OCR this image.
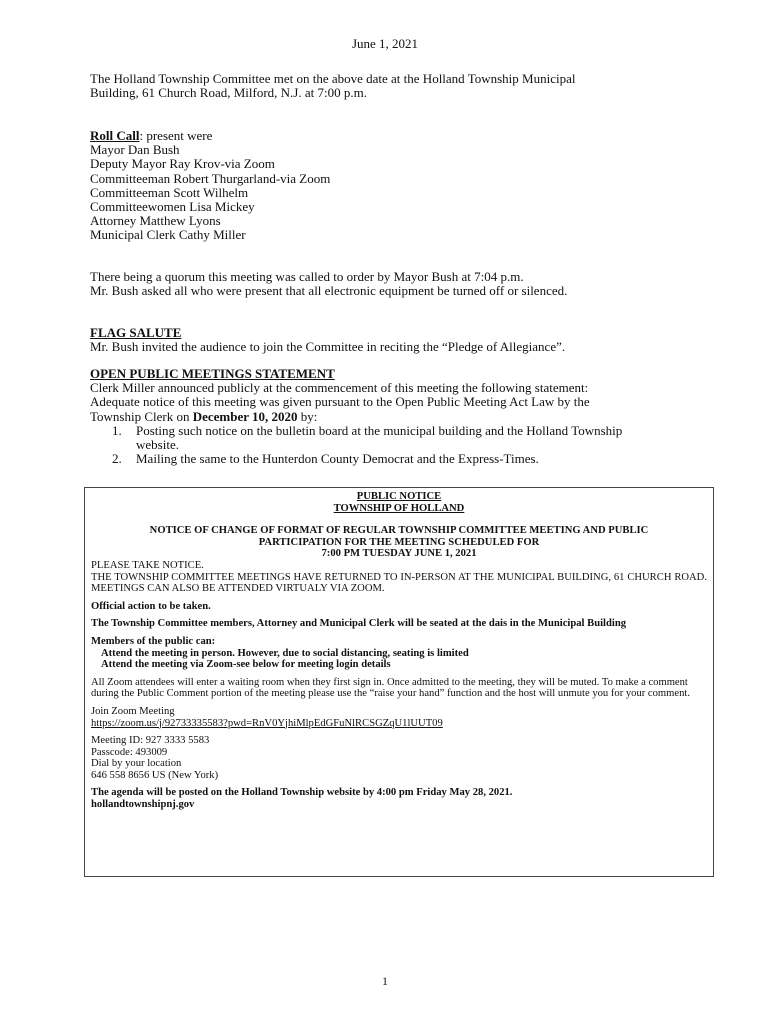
June 1, 2021
The Holland Township Committee met on the above date at the Holland Township Municipal
Building, 61 Church Road, Milford, N.J. at 7:00 p.m.
Roll Call: present were
Mayor Dan Bush
Deputy Mayor Ray Krov-via Zoom
Committeeman Robert Thurgarland-via Zoom
Committeeman Scott Wilhelm
Committeewomen Lisa Mickey
Attorney Matthew Lyons
Municipal Clerk Cathy Miller
There being a quorum this meeting was called to order by Mayor Bush at 7:04 p.m.
Mr. Bush asked all who were present that all electronic equipment be turned off or silenced.
FLAG SALUTE
Mr. Bush invited the audience to join the Committee in reciting the “Pledge of Allegiance”.
OPEN PUBLIC MEETINGS STATEMENT
Clerk Miller announced publicly at the commencement of this meeting the following statement:
Adequate notice of this meeting was given pursuant to the Open Public Meeting Act Law by the
Township Clerk on December 10, 2020 by:
1. Posting such notice on the bulletin board at the municipal building and the Holland Township
website.
2. Mailing the same to the Hunterdon County Democrat and the Express-Times.
PUBLIC NOTICE
TOWNSHIP OF HOLLAND
NOTICE OF CHANGE OF FORMAT OF REGULAR TOWNSHIP COMMITTEE MEETING AND PUBLIC
PARTICIPATION FOR THE MEETING SCHEDULED FOR
7:00 PM TUESDAY JUNE 1, 2021
PLEASE TAKE NOTICE.
THE TOWNSHIP COMMITTEE MEETINGS HAVE RETURNED TO IN-PERSON AT THE MUNICIPAL BUILDING, 61 CHURCH ROAD. MEETINGS CAN ALSO BE ATTENDED VIRTUALY VIA ZOOM.
Official action to be taken.
The Township Committee members, Attorney and Municipal Clerk will be seated at the dais in the Municipal Building
Members of the public can:
Attend the meeting in person. However, due to social distancing, seating is limited
Attend the meeting via Zoom-see below for meeting login details
All Zoom attendees will enter a waiting room when they first sign in. Once admitted to the meeting, they will be muted. To make a comment during the Public Comment portion of the meeting please use the “raise your hand” function and the host will unmute you for your comment.
Join Zoom Meeting
https://zoom.us/j/92733335583?pwd=RnV0YjhiMlpEdGFuNlRCSGZqU1lUUT09
Meeting ID: 927 3333 5583
Passcode: 493009
Dial by your location
646 558 8656 US (New York)
The agenda will be posted on the Holland Township website by 4:00 pm Friday May 28, 2021.
hollandtownshipnj.gov
1
